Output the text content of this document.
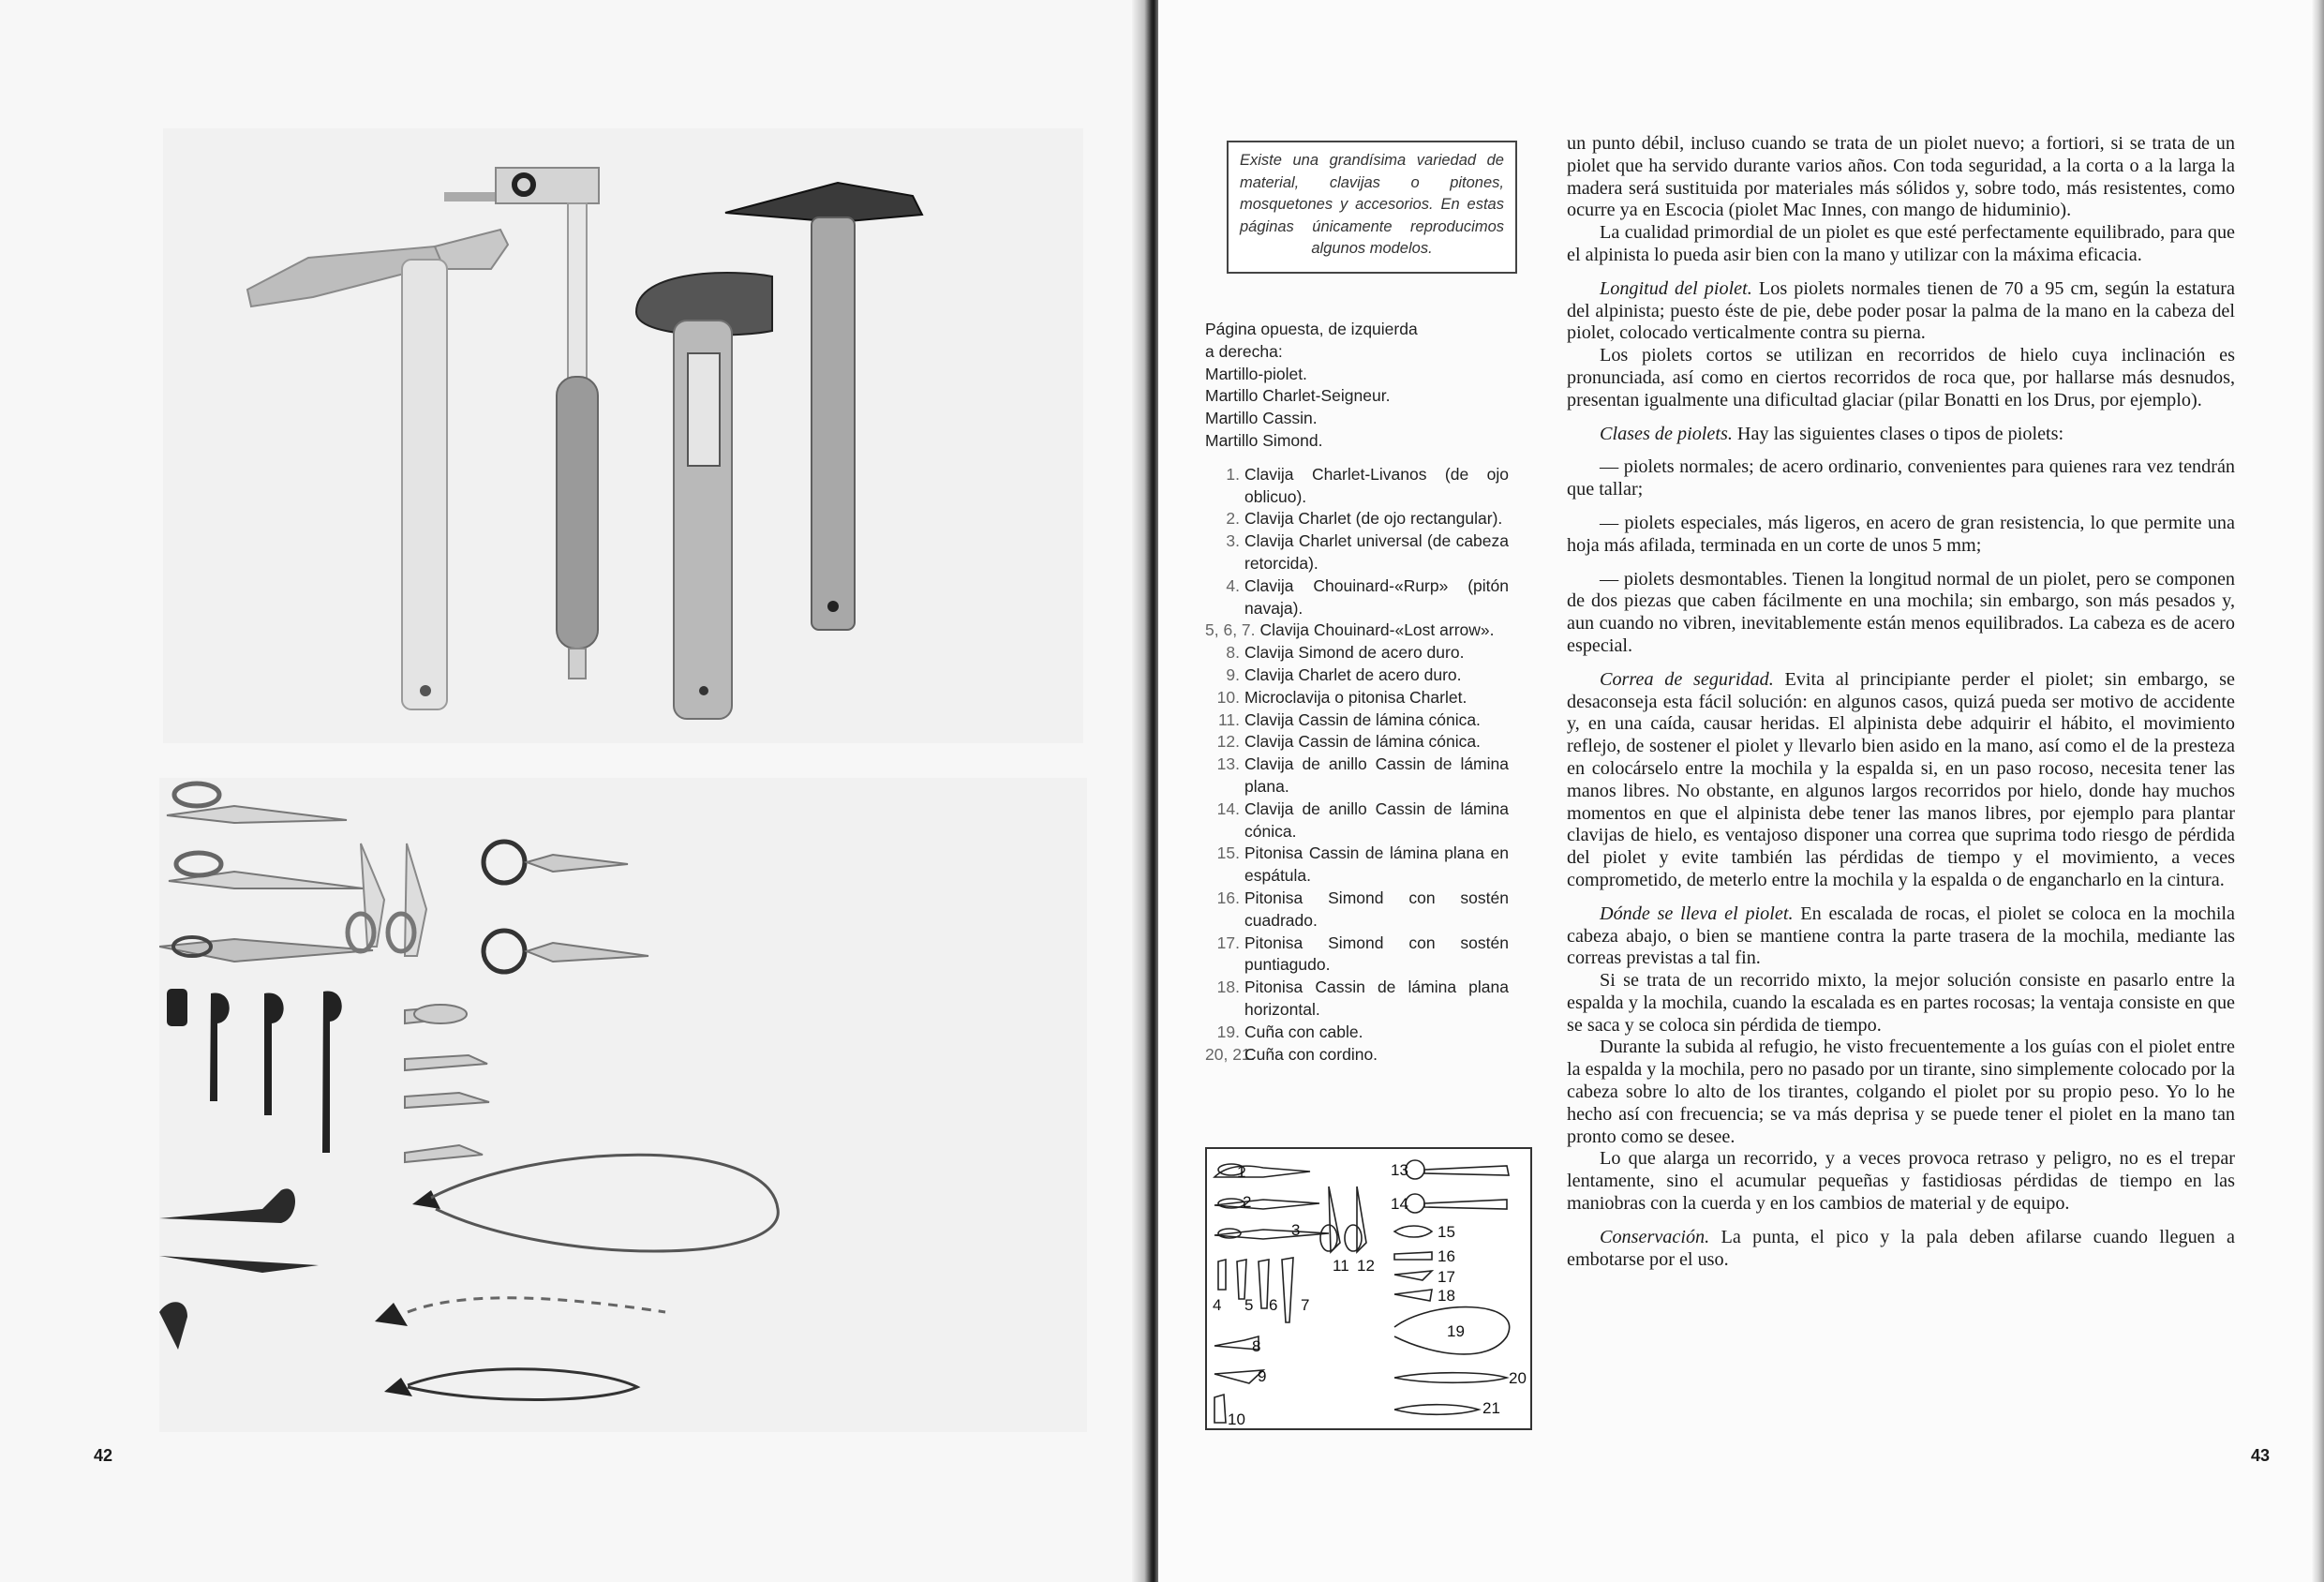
42
Existe una grandísima variedad de material, clavijas o pitones, mosquetones y accesorios. En estas páginas únicamente reproducimos algunos modelos.
Página opuesta, de izquierda
a derecha:
Martillo-piolet.
Martillo Charlet-Seigneur.
Martillo Cassin.
Martillo Simond.
1. Clavija Charlet-Livanos (de ojo oblicuo).
2. Clavija Charlet (de ojo rectangular).
3. Clavija Charlet universal (de cabeza retorcida).
4. Clavija Chouinard-«Rurp» (pitón navaja).
5, 6, 7. Clavija Chouinard-«Lost arrow».
8. Clavija Simond de acero duro.
9. Clavija Charlet de acero duro.
10. Microclavija o pitonisa Charlet.
11. Clavija Cassin de lámina cónica.
12. Clavija Cassin de lámina cónica.
13. Clavija de anillo Cassin de lámina plana.
14. Clavija de anillo Cassin de lámina cónica.
15. Pitonisa Cassin de lámina plana en espátula.
16. Pitonisa Simond con sostén cuadrado.
17. Pitonisa Simond con sostén puntiagudo.
18. Pitonisa Cassin de lámina plana horizontal.
19. Cuña con cable.
20, 21.
Cuña con cordino.
1
2
3
4 5 6 7
8
9
10
11 12
13
14
15
16
17
18
19
20
21

un punto débil, incluso cuando se trata de un piolet nuevo; a fortiori, si se trata de un piolet que ha servido durante varios años. Con toda seguridad, a la corta o a la larga la madera será sustituida por materiales más sólidos y, sobre todo, más resistentes, como ocurre ya en Escocia (piolet Mac Innes, con mango de hiduminio).

La cualidad primordial de un piolet es que esté perfectamente equilibrado, para que el alpinista lo pueda asir bien con la mano y utilizar con la máxima eficacia.

Longitud del piolet. Los piolets normales tienen de 70 a 95 cm, según la estatura del alpinista; puesto éste de pie, debe poder posar la palma de la mano en la cabeza del piolet, colocado verticalmente contra su pierna.

Los piolets cortos se utilizan en recorridos de hielo cuya inclinación es pronunciada, así como en ciertos recorridos de roca que, por hallarse más desnudos, presentan igualmente una dificultad glaciar (pilar Bonatti en los Drus, por ejemplo).

Clases de piolets. Hay las siguientes clases o tipos de piolets:

— piolets normales; de acero ordinario, convenientes para quienes rara vez tendrán que tallar;

— piolets especiales, más ligeros, en acero de gran resistencia, lo que permite una hoja más afilada, terminada en un corte de unos 5 mm;

— piolets desmontables. Tienen la longitud normal de un piolet, pero se componen de dos piezas que caben fácilmente en una mochila; sin embargo, son más pesados y, aun cuando no vibren, inevitablemente están menos equilibrados. La cabeza es de acero especial.

Correa de seguridad. Evita al principiante perder el piolet; sin embargo, se desaconseja esta fácil solución: en algunos casos, quizá pueda ser motivo de accidente y, en una caída, causar heridas. El alpinista debe adquirir el hábito, el movimiento reflejo, de sostener el piolet y llevarlo bien asido en la mano, así como el de la presteza en colocárselo entre la mochila y la espalda si, en un paso rocoso, necesita tener las manos libres. No obstante, en algunos largos recorridos por hielo, donde hay muchos momentos en que el alpinista debe tener las manos libres, por ejemplo para plantar clavijas de hielo, es ventajoso disponer una correa que suprima todo riesgo de pérdida del piolet y evite también las pérdidas de tiempo y el movimiento, a veces comprometido, de meterlo entre la mochila y la espalda o de engancharlo en la cintura.

Dónde se lleva el piolet. En escalada de rocas, el piolet se coloca en la mochila cabeza abajo, o bien se mantiene contra la parte trasera de la mochila, mediante las correas previstas a tal fin.

Si se trata de un recorrido mixto, la mejor solución consiste en pasarlo entre la espalda y la mochila, cuando la escalada es en partes rocosas; la ventaja consiste en que se saca y se coloca sin pérdida de tiempo.

Durante la subida al refugio, he visto frecuentemente a los guías con el piolet entre la espalda y la mochila, pero no pasado por un tirante, sino simplemente colocado por la cabeza sobre lo alto de los tirantes, colgando el piolet por su propio peso. Yo lo he hecho así con frecuencia; se va más deprisa y se puede tener el piolet en la mano tan pronto como se desee.

Lo que alarga un recorrido, y a veces provoca retraso y peligro, no es el trepar lentamente, sino el acumular pequeñas y fastidiosas pérdidas de tiempo en las maniobras con la cuerda y en los cambios de material y de equipo.

Conservación. La punta, el pico y la pala deben afilarse cuando lleguen a embotarse por el uso.

43
